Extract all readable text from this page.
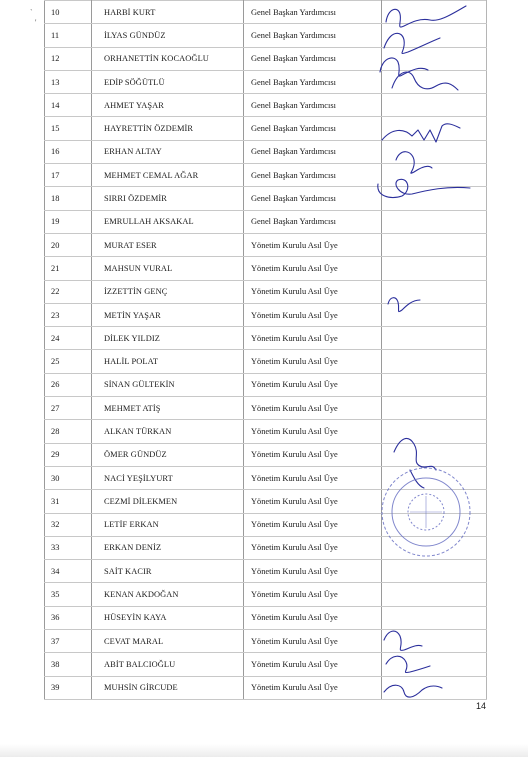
`
'
10	HARBİ KURT	Genel Başkan Yardımcısı	
11	İLYAS GÜNDÜZ	Genel Başkan Yardımcısı	
12	ORHANETTİN KOCAOĞLU	Genel Başkan Yardımcısı	
13	EDİP SÖĞÜTLÜ	Genel Başkan Yardımcısı	
14	AHMET YAŞAR	Genel Başkan Yardımcısı	
15	HAYRETTİN ÖZDEMİR	Genel Başkan Yardımcısı	
16	ERHAN ALTAY	Genel Başkan Yardımcısı	
17	MEHMET CEMAL AĞAR	Genel Başkan Yardımcısı	
18	SIRRI ÖZDEMİR	Genel Başkan Yardımcısı	
19	EMRULLAH AKSAKAL	Genel Başkan Yardımcısı	
20	MURAT ESER	Yönetim Kurulu Asıl Üye	
21	MAHSUN VURAL	Yönetim Kurulu Asıl Üye	
22	İZZETTİN GENÇ	Yönetim Kurulu Asıl Üye	
23	METİN YAŞAR	Yönetim Kurulu Asıl Üye	
24	DİLEK YILDIZ	Yönetim Kurulu Asıl Üye	
25	HALİL POLAT	Yönetim Kurulu Asıl Üye	
26	SİNAN GÜLTEKİN	Yönetim Kurulu Asıl Üye	
27	MEHMET ATİŞ	Yönetim Kurulu Asıl Üye	
28	ALKAN TÜRKAN	Yönetim Kurulu Asıl Üye	
29	ÖMER GÜNDÜZ	Yönetim Kurulu Asıl Üye	
30	NACİ YEŞİLYURT	Yönetim Kurulu Asıl Üye	
31	CEZMİ DİLEKMEN	Yönetim Kurulu Asıl Üye	
32	LETİF ERKAN	Yönetim Kurulu Asıl Üye	
33	ERKAN DENİZ	Yönetim Kurulu Asıl Üye	
34	SAİT KACIR	Yönetim Kurulu Asıl Üye	
35	KENAN AKDOĞAN	Yönetim Kurulu Asıl Üye	
36	HÜSEYİN KAYA	Yönetim Kurulu Asıl Üye	
37	CEVAT MARAL	Yönetim Kurulu Asıl Üye	
38	ABİT BALCIOĞLU	Yönetim Kurulu Asıl Üye	
39	MUHSİN GİRCUDE	Yönetim Kurulu Asıl Üye	
14
